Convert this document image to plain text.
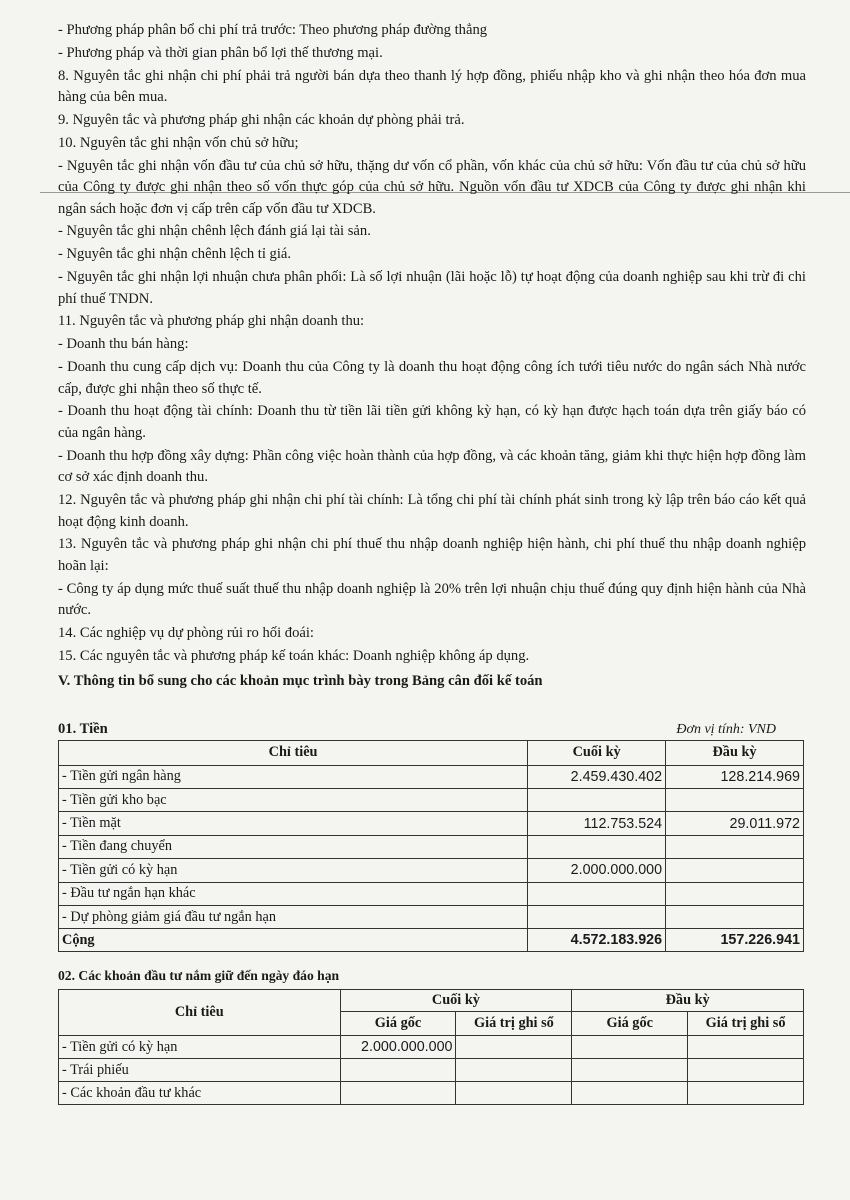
- Phương pháp phân bổ chi phí trả trước: Theo phương pháp đường thẳng

- Phương pháp và thời gian phân bổ lợi thế thương mại.

8. Nguyên tắc ghi nhận chi phí phải trả người bán dựa theo thanh lý hợp đồng, phiếu nhập kho và ghi nhận theo hóa đơn mua hàng của bên mua.

9. Nguyên tắc và phương pháp ghi nhận các khoản dự phòng phải trả.

10. Nguyên tắc ghi nhận vốn chủ sở hữu;

- Nguyên tắc ghi nhận vốn đầu tư của chủ sở hữu, thặng dư vốn cổ phần, vốn khác của chủ sở hữu: Vốn đầu tư của chủ sở hữu của Công ty được ghi nhận theo số vốn thực góp của chủ sở hữu. Nguồn vốn đầu tư XDCB của Công ty được ghi nhận khi ngân sách hoặc đơn vị cấp trên cấp vốn đầu tư XDCB.

- Nguyên tắc ghi nhận chênh lệch đánh giá lại tài sản.

- Nguyên tắc ghi nhận chênh lệch tỉ giá.

- Nguyên tắc ghi nhận lợi nhuận chưa phân phối: Là số lợi nhuận (lãi hoặc lỗ) tự hoạt động của doanh nghiệp sau khi trừ đi chi phí thuế TNDN.

11. Nguyên tắc và phương pháp ghi nhận doanh thu:

- Doanh thu bán hàng:

- Doanh thu cung cấp dịch vụ: Doanh thu của Công ty là doanh thu hoạt động công ích tưới tiêu nước do ngân sách Nhà nước cấp, được ghi nhận theo số thực tế.

- Doanh thu hoạt động tài chính: Doanh thu từ tiền lãi tiền gửi không kỳ hạn, có kỳ hạn được hạch toán dựa trên giấy báo có của ngân hàng.

- Doanh thu hợp đồng xây dựng: Phần công việc hoàn thành của hợp đồng, và các khoản tăng, giảm khi thực hiện hợp đồng làm cơ sở xác định doanh thu.

12. Nguyên tắc và phương pháp ghi nhận chi phí tài chính: Là tổng chi phí tài chính phát sinh trong kỳ lập trên báo cáo kết quả hoạt động kinh doanh.

13. Nguyên tắc và phương pháp ghi nhận chi phí thuế thu nhập doanh nghiệp hiện hành, chi phí thuế thu nhập doanh nghiệp hoãn lại:

- Công ty áp dụng mức thuế suất thuế thu nhập doanh nghiệp là 20% trên lợi nhuận chịu thuế đúng quy định hiện hành của Nhà nước.

14. Các nghiệp vụ dự phòng rủi ro hối đoái:

15. Các nguyên tắc và phương pháp kế toán khác: Doanh nghiệp không áp dụng.

V. Thông tin bổ sung cho các khoản mục trình bày trong Bảng cân đối kế toán
01. Tiền	Đơn vị tính: VND
Chỉ tiêu	Cuối kỳ	Đầu kỳ
- Tiền gửi ngân hàng	2.459.430.402	128.214.969
- Tiền gửi kho bạc		
- Tiền mặt	112.753.524	29.011.972
- Tiền đang chuyển		
- Tiền gửi có kỳ hạn	2.000.000.000	
- Đầu tư ngắn hạn khác		
- Dự phòng giảm giá đầu tư ngắn hạn		
Cộng	4.572.183.926	157.226.941
02. Các khoản đầu tư nắm giữ đến ngày đáo hạn
Chỉ tiêu	Cuối kỳ		Đầu kỳ	
	Giá gốc	Giá trị ghi sổ	Giá gốc	Giá trị ghi sổ
- Tiền gửi có kỳ hạn	2.000.000.000			
- Trái phiếu				
- Các khoản đầu tư khác				
